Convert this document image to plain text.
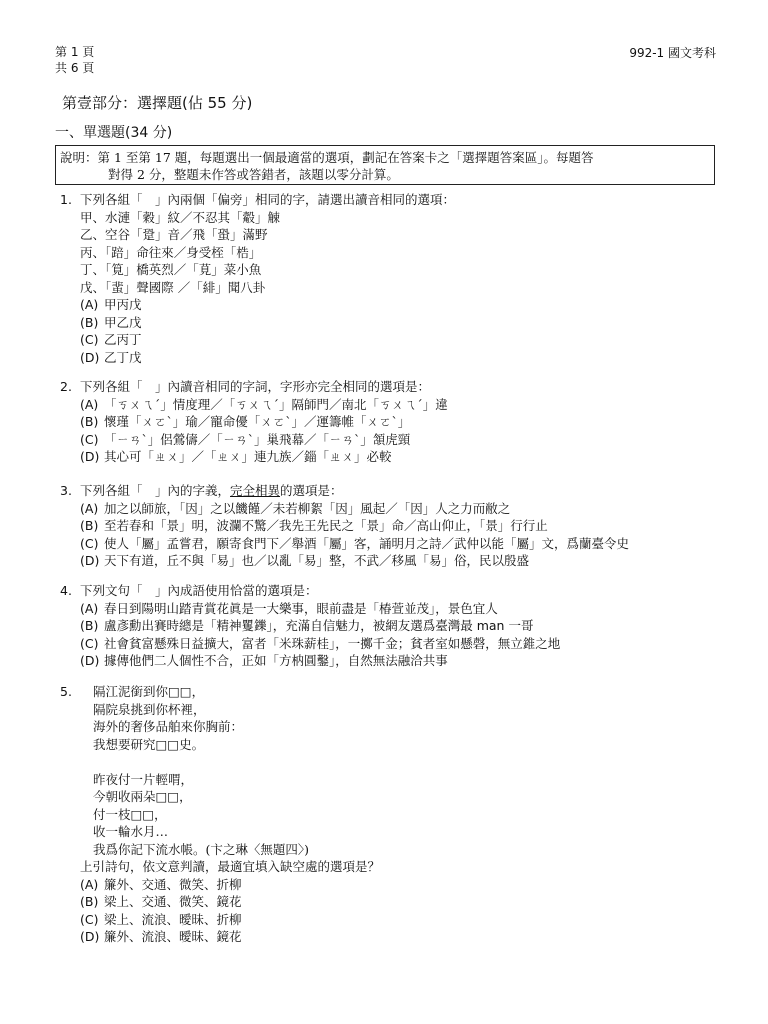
第 1 頁
共 6 頁
992-1 國文考科
第壹部分：選擇題(佔 55 分)
一、單選題(34 分)
說明：第 1 至第 17 題，每題選出一個最適當的選項，劃記在答案卡之「選擇題答案區」。每題答
對得 2 分，整題未作答或答錯者，該題以零分計算。
1. 下列各組「　」內兩個「偏旁」相同的字，請選出讀音相同的選項：
甲、水漣「穀」紋／不忍其「觳」觫
乙、空谷「跫」音／飛「蛩」滿野
丙、「踣」命往來／身受桎「梏」
丁、「筧」橋英烈／「莧」菜小魚
戊、「蜚」聲國際 ／「緋」聞八卦
(A) 甲丙戊
(B) 甲乙戊
(C) 乙丙丁
(D) 乙丁戊
2. 下列各組「　」內讀音相同的字詞，字形亦完全相同的選項是：
(A) 「ㄎㄨㄟˊ」情度理／「ㄎㄨㄟˊ」隔師門／南北「ㄎㄨㄟˊ」違
(B) 懷瑾「ㄨㄛˋ」瑜／寵命優「ㄨㄛˋ」／運籌帷「ㄨㄛˋ」
(C) 「ㄧㄢˋ」侶鶯儔／「ㄧㄢˋ」巢飛幕／「ㄧㄢˋ」頷虎頸
(D) 其心可「ㄓㄨ」／「ㄓㄨ」連九族／錙「ㄓㄨ」必較
3. 下列各組「　」內的字義，完全相異的選項是：
(A) 加之以師旅，「因」之以饑饉／未若柳絮「因」風起／「因」人之力而敝之
(B) 至若春和「景」明，波瀾不驚／我先王先民之「景」命／高山仰止，「景」行行止
(C) 使人「屬」孟嘗君，願寄食門下／舉酒「屬」客，誦明月之詩／武仲以能「屬」文，爲蘭臺令史
(D) 天下有道，丘不與「易」也／以亂「易」整，不武／移風「易」俗，民以殷盛
4. 下列文句「　」內成語使用恰當的選項是：
(A) 春日到陽明山踏青賞花眞是一大樂事，眼前盡是「椿萱並茂」，景色宜人
(B) 盧彥勳出賽時總是「精神矍鑠」，充滿自信魅力，被網友選爲臺灣最 man 一哥
(C) 社會貧富懸殊日益擴大，富者「米珠薪桂」，一擲千金；貧者室如懸磬，無立錐之地
(D) 據傳他們二人個性不合，正如「方枘圓鑿」，自然無法融洽共事
5.	隔江泥銜到你□□，
隔院泉挑到你杯裡，
海外的奢侈品舶來你胸前：
我想要研究□□史。
昨夜付一片輕喟，
今朝收兩朵□□，
付一枝□□，
收一輪水月…
我爲你記下流水帳。(卞之琳〈無題四〉)
上引詩句，依文意判讀，最適宜填入缺空處的選項是？
(A) 簾外、交通、微笑、折柳
(B) 梁上、交通、微笑、鏡花
(C) 梁上、流浪、曖昧、折柳
(D) 簾外、流浪、曖昧、鏡花
